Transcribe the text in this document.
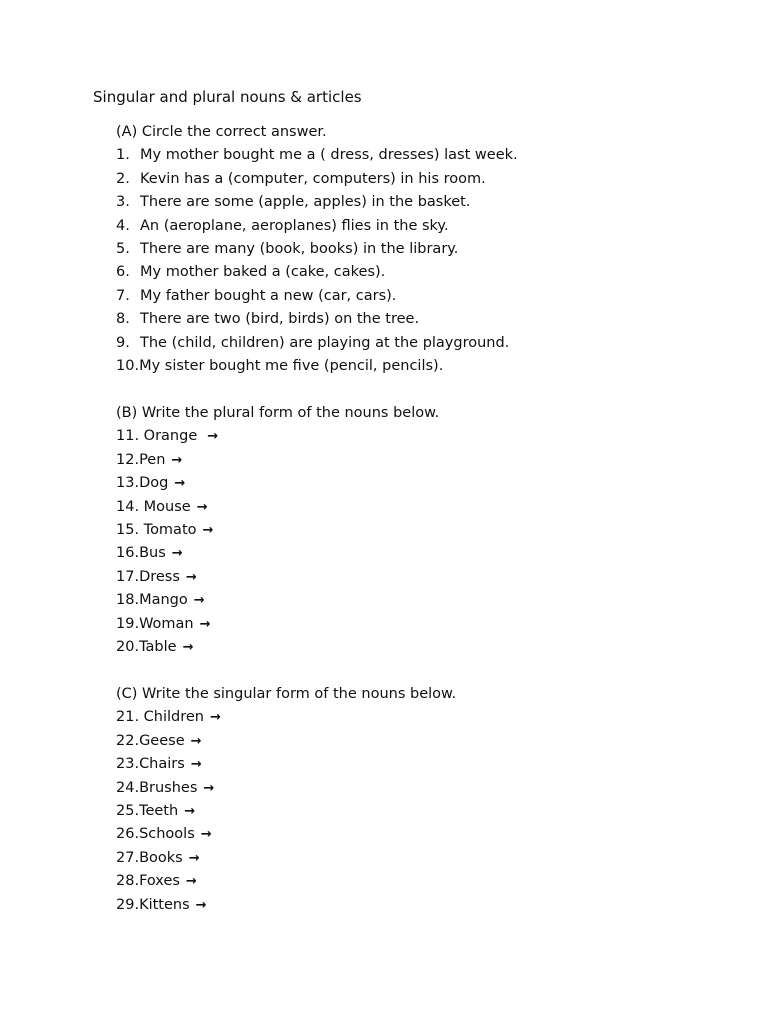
Singular and plural nouns & articles
(A) Circle the correct answer.
1. My mother bought me a ( dress, dresses) last week.
2. Kevin has a (computer, computers) in his room.
3. There are some (apple, apples) in the basket.
4. An (aeroplane, aeroplanes) flies in the sky.
5. There are many (book, books) in the library.
6. My mother baked a (cake, cakes).
7. My father bought a new (car, cars).
8. There are two (bird, birds) on the tree.
9. The (child, children) are playing at the playground.
10. My sister bought me five (pencil, pencils).
(B) Write the plural form of the nouns below.
11.
Orange →
12. Pen →
13. Dog →
14.
Mouse →
15.
Tomato →
16. Bus →
17. Dress →
18. Mango →
19. Woman →
20. Table →
(C) Write the singular form of the nouns below.
21.
Children →
22. Geese →
23. Chairs →
24. Brushes →
25. Teeth →
26. Schools →
27. Books →
28. Foxes →
29. Kittens →
